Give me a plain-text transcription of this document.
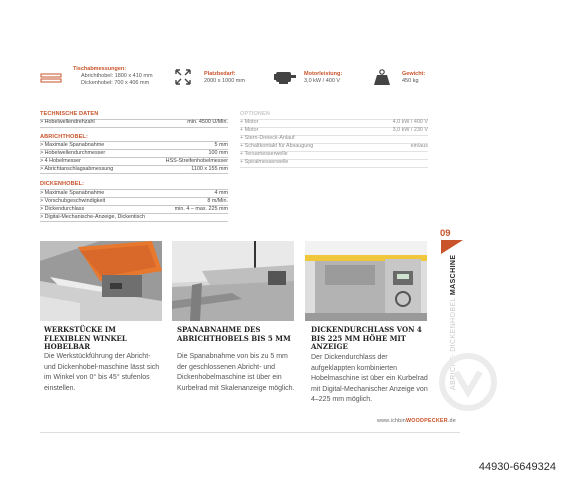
Tischabmessungen:
Abrichthobel: 1800 x 410 mm
Dickenhobel: 700 x 406 mm
Platzbedarf:
2000 x 1000 mm
Motorleistung:
3,0 kW / 400 V
Gewicht:
450 kg
TECHNISCHE DATEN
> Hobelwellendrehzahl	min. 4500 U/Min.
ABRICHTHOBEL:
> Maximale Spanabnahme	5 mm
> Hobelwellendurchmesser	100 mm
> 4 Hobelmesser	HSS-Streifenhobelmesser
> Abrichtanschlagsabmessung	1100 x 155 mm
DICKENHOBEL:
> Maximale Spanabnahme	4 mm
> Vorschubgeschwindigkeit	8 m/Min.
> Dickendurchlass	min. 4 – max. 225 mm
> Digital-Mechanische-Anzeige, Dickentisch
OPTIONEN
+ Motor	4,0 kW / 400 V
+ Motor	3,0 kW / 230 V
+ Stern-Dreieck-Anlauf
+ Schaltkontakt für Absaugung	ein/aus
+ Tersamesserwelle
+ Spiralmesserwelle
WERKSTÜCKE IM FLEXIBLEN WINKEL HOBELBAR
Die Werkstückführung der Abricht- und Dickenhobel-maschine lässt sich im Winkel von 0° bis 45° stufenlos einstellen.
SPANABNAHME DES ABRICHTHOBELS BIS 5 MM
Die Spanabnahme von bis zu 5 mm der geschlossenen Abricht- und Dickenhobelmaschine ist über ein Kurbelrad mit Skalenanzeige möglich.
DICKENDURCHLASS VON 4 BIS 225 MM HÖHE MIT ANZEIGE
Der Dickendurchlass der aufgeklappten kombinierten Hobelmaschine ist über ein Kurbelrad mit Digital-Mechanischer Anzeige von 4–225 mm möglich.
09
ABRICHT- DICKENHOBEL MASCHINE
www.ichbinWOODPECKER.de
44930-6649324
